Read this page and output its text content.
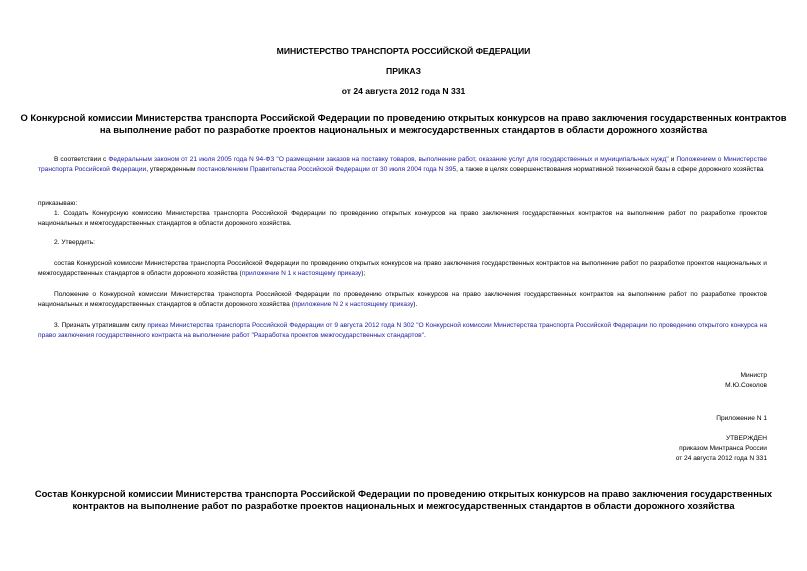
МИНИСТЕРСТВО ТРАНСПОРТА РОССИЙСКОЙ ФЕДЕРАЦИИ
ПРИКАЗ
от 24 августа 2012 года N 331
О Конкурсной комиссии Министерства транспорта Российской Федерации по проведению открытых конкурсов на право заключения государственных контрактов
на выполнение работ по разработке проектов национальных и межгосударственных стандартов в области дорожного хозяйства
В соответствии с Федеральным законом от 21 июля 2005 года N 94-ФЗ "О размещении заказов на поставку товаров, выполнение работ, оказание услуг для государственных и муниципальных нужд" и Положением о Министерстве транспорта Российской Федерации, утвержденным постановлением Правительства Российской Федерации от 30 июля 2004 года N 395, а также в целях совершенствования нормативной технической базы в сфере дорожного хозяйства
приказываю:
1. Создать Конкурсную комиссию Министерства транспорта Российской Федерации по проведению открытых конкурсов на право заключения государственных контрактов на выполнение работ по разработке проектов национальных и межгосударственных стандартов в области дорожного хозяйства.
2. Утвердить:
состав Конкурсной комиссии Министерства транспорта Российской Федерации по проведению открытых конкурсов на право заключения государственных контрактов на выполнение работ по разработке проектов национальных и межгосударственных стандартов в области дорожного хозяйства (приложение N 1 к настоящему приказу);
Положение о Конкурсной комиссии Министерства транспорта Российской Федерации по проведению открытых конкурсов на право заключения государственных контрактов на выполнение работ по разработке проектов национальных и межгосударственных стандартов в области дорожного хозяйства (приложение N 2 к настоящему приказу).
3. Признать утратившим силу приказ Министерства транспорта Российской Федерации от 9 августа 2012 года N 302 "О Конкурсной комиссии Министерства транспорта Российской Федерации по проведению открытого конкурса на право заключения государственного контракта на выполнение работ "Разработка проектов межгосударственных стандартов".
Министр
М.Ю.Соколов
Приложение N 1
УТВЕРЖДЕН
приказом Минтранса России
от 24 августа 2012 года N 331
Состав Конкурсной комиссии Министерства транспорта Российской Федерации по проведению открытых конкурсов на право заключения государственных
контрактов на выполнение работ по разработке проектов национальных и межгосударственных стандартов в области дорожного хозяйства
